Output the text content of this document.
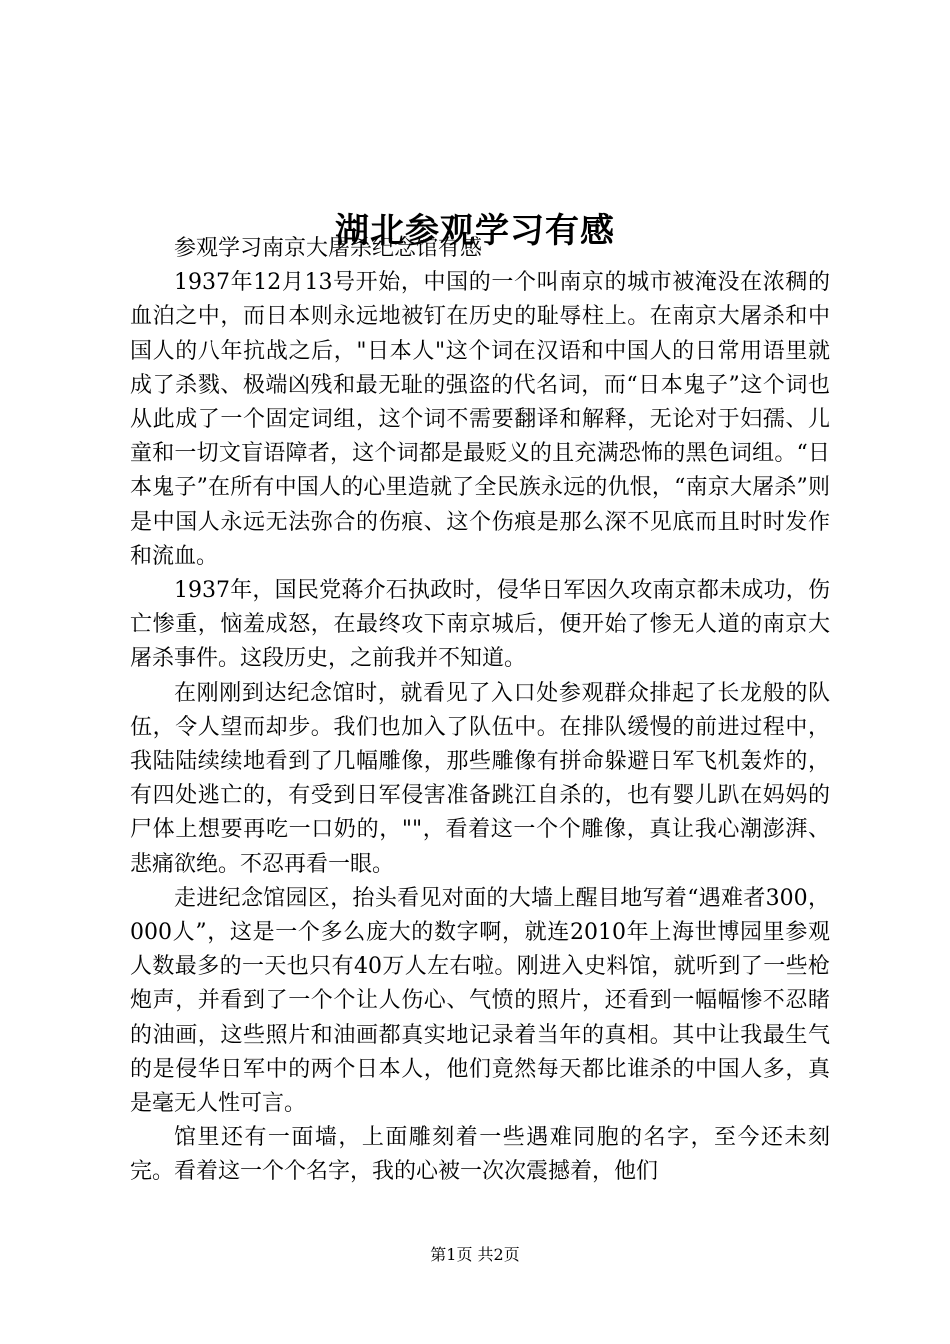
湖北参观学习有感

参观学习南京大屠杀纪念馆有感

1937年12月13号开始，中国的一个叫南京的城市被淹没在浓稠的血泊之中，而日本则永远地被钉在历史的耻辱柱上。在南京大屠杀和中国人的八年抗战之后，"日本人"这个词在汉语和中国人的日常用语里就成了杀戮、极端凶残和最无耻的强盗的代名词，而“日本鬼子”这个词也从此成了一个固定词组，这个词不需要翻译和解释，无论对于妇孺、儿童和一切文盲语障者，这个词都是最贬义的且充满恐怖的黑色词组。“日本鬼子”在所有中国人的心里造就了全民族永远的仇恨，“南京大屠杀”则是中国人永远无法弥合的伤痕、这个伤痕是那么深不见底而且时时发作和流血。

1937年，国民党蒋介石执政时，侵华日军因久攻南京都未成功，伤亡惨重，恼羞成怒，在最终攻下南京城后，便开始了惨无人道的南京大屠杀事件。这段历史，之前我并不知道。

在刚刚到达纪念馆时，就看见了入口处参观群众排起了长龙般的队伍，令人望而却步。我们也加入了队伍中。在排队缓慢的前进过程中，我陆陆续续地看到了几幅雕像，那些雕像有拼命躲避日军飞机轰炸的，有四处逃亡的，有受到日军侵害准备跳江自杀的，也有婴儿趴在妈妈的尸体上想要再吃一口奶的，""，看着这一个个雕像，真让我心潮澎湃、悲痛欲绝。不忍再看一眼。

走进纪念馆园区，抬头看见对面的大墙上醒目地写着“遇难者300，000人”，这是一个多么庞大的数字啊，就连2010年上海世博园里参观人数最多的一天也只有40万人左右啦。刚进入史料馆，就听到了一些枪炮声，并看到了一个个让人伤心、气愤的照片，还看到一幅幅惨不忍睹的油画，这些照片和油画都真实地记录着当年的真相。其中让我最生气的是侵华日军中的两个日本人，他们竟然每天都比谁杀的中国人多，真是毫无人性可言。

馆里还有一面墙，上面雕刻着一些遇难同胞的名字，至今还未刻完。看着这一个个名字，我的心被一次次震撼着，他们

第1页 共2页
